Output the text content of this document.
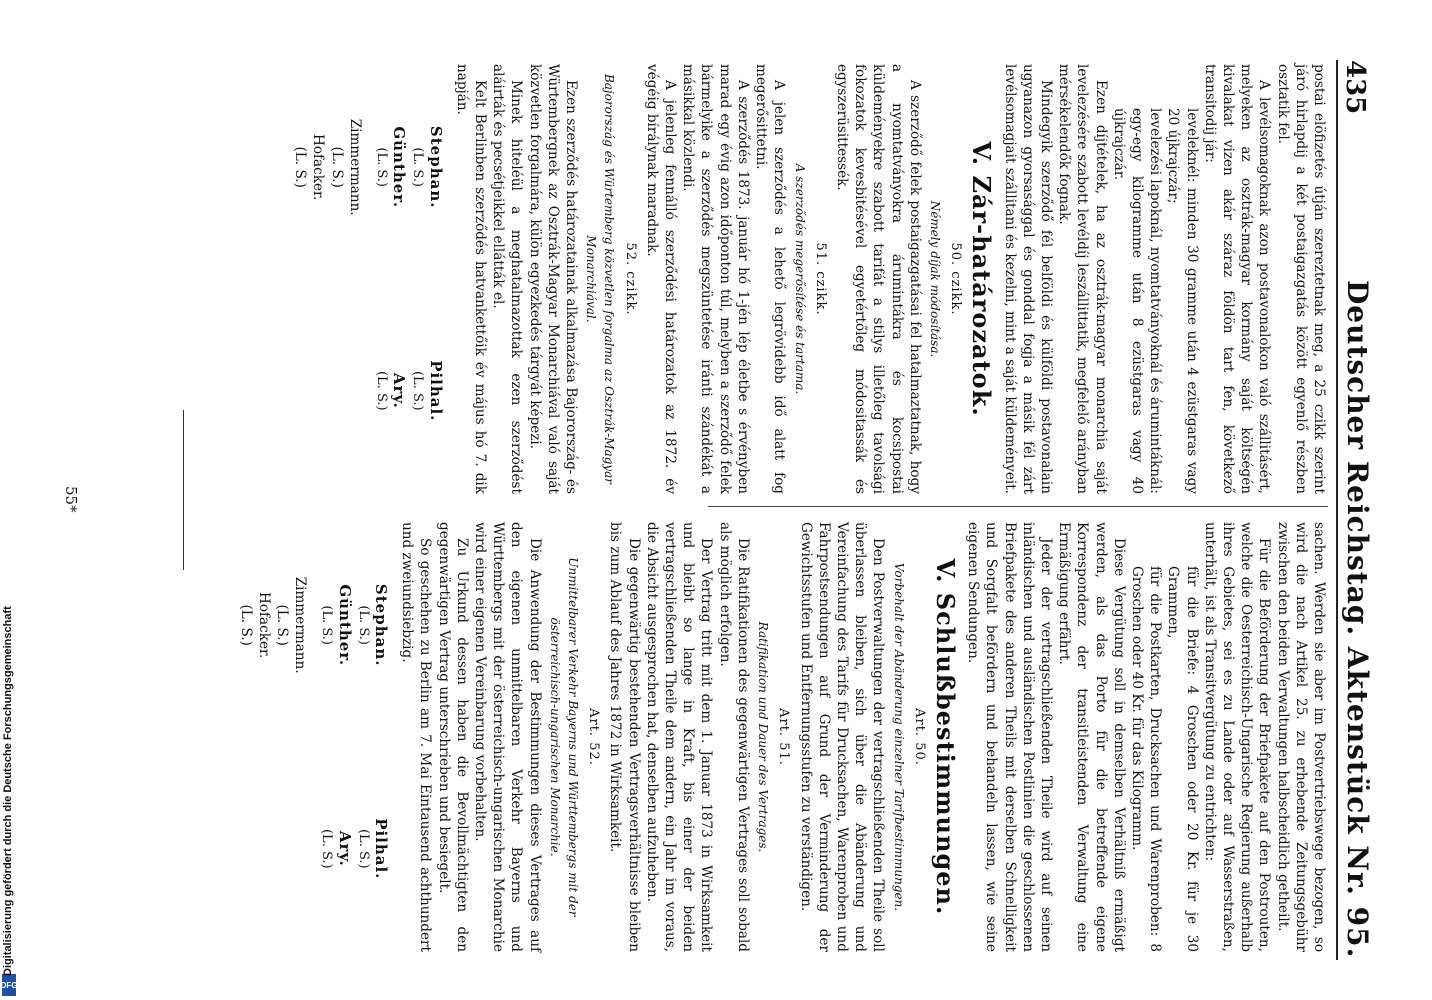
435
Deutscher Reichstag. Aktenstück Nr. 95.

postai elöfizetés útján szereztetnak meg, a 25 czikk szerint járó hirlapdij a két postaigazgatás között egyenlő részben osztatik fel.

A levélsomagoknak azon postavonalokon való szállitásért, melyeken az osztrák-magyar kormány saját költségén kivalakat vizen akár száraz földön tart fen, következő transitodij jár:

leveleknél: minden 30 gramme után 4 ezüstgaras vagy 20 újkrajczár;

levelezési lapoknál, nyomtatványoknál és árumintáknál: egy-egy kilogramme után 8 ezüstgaras vagy 40 újkrajczár.

Ezen díjtételek, ha az osztrák-magyar monarchia saját levelezésére szabott levéldíj leszállittatik, megfelelő arányban mérsékelendők fognak.

Mindegyik szerződő fél belföldi és külföldi postavonalain ugyanazon gyorsasággal és gonddal fogja a másik fél zárt levélsomagjait szállitani és kezelni, mint a saját küldeményeit.

V. Zár-határozatok.
50. czikk.
Némely díjak módosítása.

A szerződő felek postaigazgatásai fel hatalmaztatnak, hogy a nyomtatványokra árumintákra és kocsipostai küldeményekre szabott tarifát a stilys illetőleg tavolsági fokozatok kevesbitésével egyetértőleg módositassák és egyszerüsittessék.

51. czikk.
A szerződés megerősítése és tartama.

A jelen szerződés a lehető legrövidebb idő alatt fog megerősittetni.

A szerződés 1873. január hó 1-jén lép életbe s érvényben marad egy évig azon időponton túl, melyben a szerződő felek bármelyike a szerződés megszüntetése iránti szándékát a másikkal közlendi.

A jelenleg fennálló szerződési határozatok az 1872. év végéig bírálynak maradnak.

52. czikk.
Bajorország és Würtemberg közvetlen forgalma az Osztrák-Magyar Monarchiával.

Ezen szerződés határozatainak alkalmazása Bajorország- és Würtembergnek az Osztrák-Magyar Monarchiával való saját közvetlen forgalmára, külön egyezkedés tárgyát képezi.

Minek hiteléül a meghatalmazottak ezen szerződést aláirták és pecsétjeikkel ellátták el.

Kelt Berlinben szerződés hatvankettőik év május hó 7. dik napján.

Stephan.
(L. S.)
Günther.
(L. S.)
Pilhal.
(L. S.)
Ary.
(L. S.)
Zimmermann.
(L. S.)
Hofacker.
(L. S.)

sachen. Werden sie aber im Postvertriebswege bezogen, so wird die nach Artikel 25. zu erhebende Zeitungsgebühr zwischen den beiden Verwaltungen halbscheidlich getheilt.

Für die Beförderung der Briefpakete auf den Postrouten, welche die Oesterreichisch-Ungarische Regierung außerhalb ihres Gebietes, sei es zu Lande oder auf Wasserstraßen, unterhält, ist als Transitvergütung zu entrichten:

für die Briefe: 4 Groschen oder 20 Kr. für je 30 Grammen,

für die Postkarten, Drucksachen und Warenproben: 8 Groschen oder 40 Kr. für das Kilogramm.

Diese Vergütung soll in demselben Verhältniß ermäßigt werden, als das Porto für die betreffende eigene Korrespondenz der transitleistenden Verwaltung eine Ermäßigung erfährt.

Jeder der vertragschließenden Theile wird auf seinen inländischen und ausländischen Postlinien die geschlossenen Briefpakete des anderen Theils mit derselben Schnelligkeit und Sorgfalt befördern und behandeln lassen, wie seine eigenen Sendungen.

V. Schlußbestimmungen.
Art. 50.
Vorbehalt der Abänderung einzelner Tarifbestimmungen.

Den Postverwaltungen der vertragschließenden Theile soll überlassen bleiben, sich über die Abänderung und Vereinfachung des Tarifs für Drucksachen, Warenproben und Fahrpostsendungen auf Grund der Verminderung der Gewichtsstufen und Entfernungsstufen zu verständigen.

Art. 51.
Ratifikation und Dauer des Vertrages.

Die Ratifikationen des gegenwärtigen Vertrages soll sobald als möglich erfolgen.

Der Vertrag tritt mit dem 1. Januar 1873 in Wirksamkeit und bleibt so lange in Kraft, bis einer der beiden vertragschließenden Theile dem andern, ein Jahr im voraus, die Absicht ausgesprochen hat, denselben aufzuheben.

Die gegenwärtig bestehenden Vertragsverhältnisse bleiben bis zum Ablauf des Jahres 1872 in Wirksamkeit.

Art. 52.
Unmittelbarer Verkehr Bayerns und Württembergs mit der österreichisch-ungarischen Monarchie.

Die Anwendung der Bestimmungen dieses Vertrages auf den eigenen unmittelbaren Verkehr Bayerns und Württembergs mit der österreichisch-ungarischen Monarchie wird einer eigenen Vereinbarung vorbehalten.

Zu Urkund dessen haben die Bevollmächtigten den gegenwärtigen Vertrag unterschrieben und besiegelt.

So geschehen zu Berlin am 7. Mai Eintausend achthundert und zweiundsiebzig.

Stephan.
(L. S.)
Günther.
(L. S.)
Pilhal.
(L. S.)
Ary.
(L. S.)
Zimmermann.
(L. S.)
Hofacker.
(L. S.)
55*
DFG
Digitalisierung gefördert durch die Deutsche Forschungsgemeinschaft
